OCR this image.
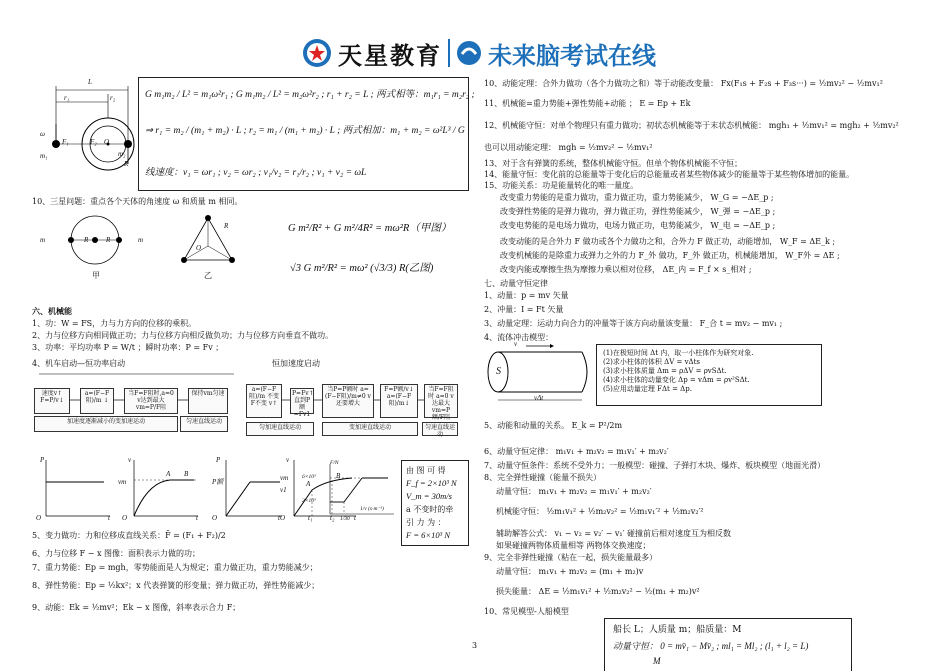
天星教育 未来脑考试在线
L
r₁	r₂
m₁	m₂
F₁	F₂ O
R
ω
G m₁m₂ / L² = m₁ω²r₁ ; G m₁m₂ / L² = m₂ω²r₂ ; r₁ + r₂ = L ; 两式相等：m₁r₁ = m₂r₂ ;
⇒ r₁ = m₂ / (m₁ + m₂) · L ; r₂ = m₁ / (m₁ + m₂) · L ; 两式相加：m₁ + m₂ = ω²L³ / G
线速度：v₁ = ωr₁ ; v₂ = ωr₂ ; v₁/v₂ = r₁/r₂ ; v₁ + v₂ = ωL
10、三星问题：重点各个天体的角速度 ω 和质量 m 相同。
m	R	R	m
甲
R
O
乙
G m²/R² + G m²/4R² = mω²R（甲图）
√3 G m²/R² = mω² (√3/3) R(乙图)
六、机械能
1、功：W = FS，力与力方向的位移的乘积。
2、力与位移方向相同做正功；力与位移方向相反做负功；力与位移方向垂直不做功。
3、功率：平均功率 P = W/t ；瞬时功率：P = Fv ；
4、机车启动—恒功率启动	恒加速度启动
速度v↑ F=P/v↓
a=(F−F阻)/m ↓
当F=F阻时,a=0 v达到最大vm=P/F阻
保持vm匀速
加速度逐渐减小的变加速运动	匀速直线运动
a=(F−F阻)/m 不变 F不变 v↑
P=Fv↑直到P额=Fv1
当P=P额时 a=(F−F阻)/m≠0 v还要增大
F=P额/v↓ a=(F−F阻)/m↓
当F=F阻时 a=0 v达最大 vm=P额/F阻
匀加速直线运动	变加速直线运动	匀速直线运动
P
O	t
v
O	t
vm
A B
P
O	t
P额
v
O	t
vm
v1
A
B
t₁	t₂
F/N
6×10³
2×10³
1/30
1/v (s·m⁻¹)
由 图 可 得
F_f = 2×10³ N
V_m = 30m/s
a 不变时的牵
引 力 为 ：
F = 6×10³ N
5、变力做功：力和位移成直线关系：F̄ = (F₁ + F₂)/2
6、力与位移 F − x 图像：面积表示力做的功；
7、重力势能：Ep = mgh，零势能面是人为规定；重力做正功，重力势能减少；
8、弹性势能：Ep = ½kx²；x 代表弹簧的形变量；弹力做正功，弹性势能减少；
9、动能：Ek = ½mv²；Ek − x 图像，斜率表示合力 F；
10、动能定理：合外力做功（各个力做功之和）等于动能改变量： Fx(F₁s + F₂s + F₃s···) = ½mv₂² − ½mv₁²
11、机械能=重力势能+弹性势能+动能 ； E = Ep + Ek
12、机械能守恒：对单个物理只有重力做功；初状态机械能等于末状态机械能： mgh₁ + ½mv₁² = mgh₂ + ½mv₂²
也可以用动能定理： mgh = ½mv₂² − ½mv₁²
13、对于含有弹簧的系统，整体机械能守恒。但单个物体机械能不守恒；
14、能量守恒：变化前的总能量等于变化后的总能量或者某些物体减少的能量等于某些物体增加的能量。
15、功能关系：功是能量转化的唯一量度。
改变重力势能的是重力做功，重力做正功，重力势能减少， W_G = −ΔE_p ;
改变弹性势能的是弹力做功，弹力做正功，弹性势能减少， W_弹 = −ΔE_p ;
改变电势能的是电场力做功，电场力做正功，电势能减少， W_电 = −ΔE_p ;
改变动能的是合外力 F 做功或各个力做功之和，合外力 F 做正功，动能增加， W_F = ΔE_k ;
改变机械能的是除重力或弹力之外的力 F_外 做功，F_外 做正功，机械能增加， W_F外 = ΔE ;
改变内能或摩擦生热为摩擦力乘以相对位移， ΔE_内 = F_f × s_相对 ;
七、动量守恒定律
1、动量：p = mv 矢量
2、冲量：I = Ft 矢量
3、动量定理：运动力向合力的冲量等于该方向动量该变量： F_合 t = mv₂ − mv₁ ;
4、流体冲击模型：
v
S
vΔt
(1)在极短时间 Δt 内，取一小柱体作为研究对象.
(2)求小柱体的体积 ΔV = vΔts
(3)求小柱体质量 Δm = ρΔV = ρvSΔt.
(4)求小柱体的动量变化 Δp = vΔm = ρv²SΔt.
(5)应用动量定理 FΔt = Δp.
5、动能和动量的关系。 E_k = P²/2m
6、动量守恒定律： m₁v₁ + m₂v₂ = m₁v₁′ + m₂v₂′
7、动量守恒条件：系统不受外力；一般模型：碰撞、子弹打木块、爆炸、板块模型（地面光滑）
8、完全弹性碰撞（能量不损失）
动量守恒： m₁v₁ + m₂v₂ = m₁v₁′ + m₂v₂′
机械能守恒： ½m₁v₁² + ½m₂v₂² = ½m₁v₁′² + ½m₂v₂′²
辅助解答公式： v₁ − v₂ = v₂′ − v₁′ 碰撞前后相对速度互为相反数
如果碰撞两物体质量相等 两物体交换速度；
9、完全非弹性碰撞（粘在一起，损失能量最多）
动量守恒： m₁v₁ + m₂v₂ = (m₁ + m₂)v
损失能量： ΔE = ½m₁v₁² + ½m₂v₂² − ½(m₁ + m₂)v²
10、常见模型-人船模型
船长 L；人质量 m；船质量：M
动量守恒： 0 = mv̄₁ − Mv̄₂ ; ml₁ = Ml₂ ; (l₁ + l₂ = L)
M
3
